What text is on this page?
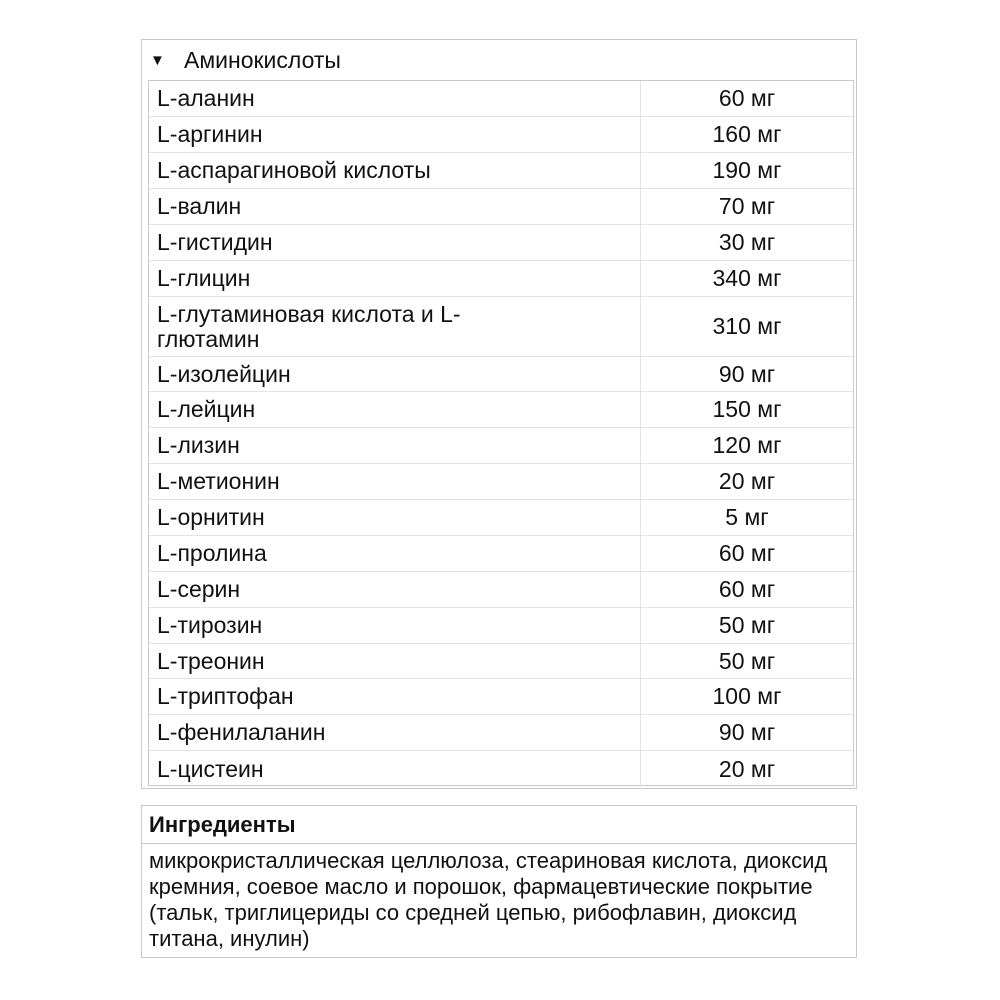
▼ Аминокислоты
L-аланин	60 мг
L-аргинин	160 мг
L-аспарагиновой кислоты	190 мг
L-валин	70 мг
L-гистидин	30 мг
L-глицин	340 мг
L-глутаминовая кислота и L-глютамин	310 мг
L-изолейцин	90 мг
L-лейцин	150 мг
L-лизин	120 мг
L-метионин	20 мг
L-орнитин	5 мг
L-пролина	60 мг
L-серин	60 мг
L-тирозин	50 мг
L-треонин	50 мг
L-триптофан	100 мг
L-фенилаланин	90 мг
L-цистеин	20 мг
Ингредиенты
микрокристаллическая целлюлоза, стеариновая кислота, диоксид кремния, соевое масло и порошок, фармацевтические покрытие (тальк, триглицериды со средней цепью, рибофлавин, диоксид титана, инулин)
